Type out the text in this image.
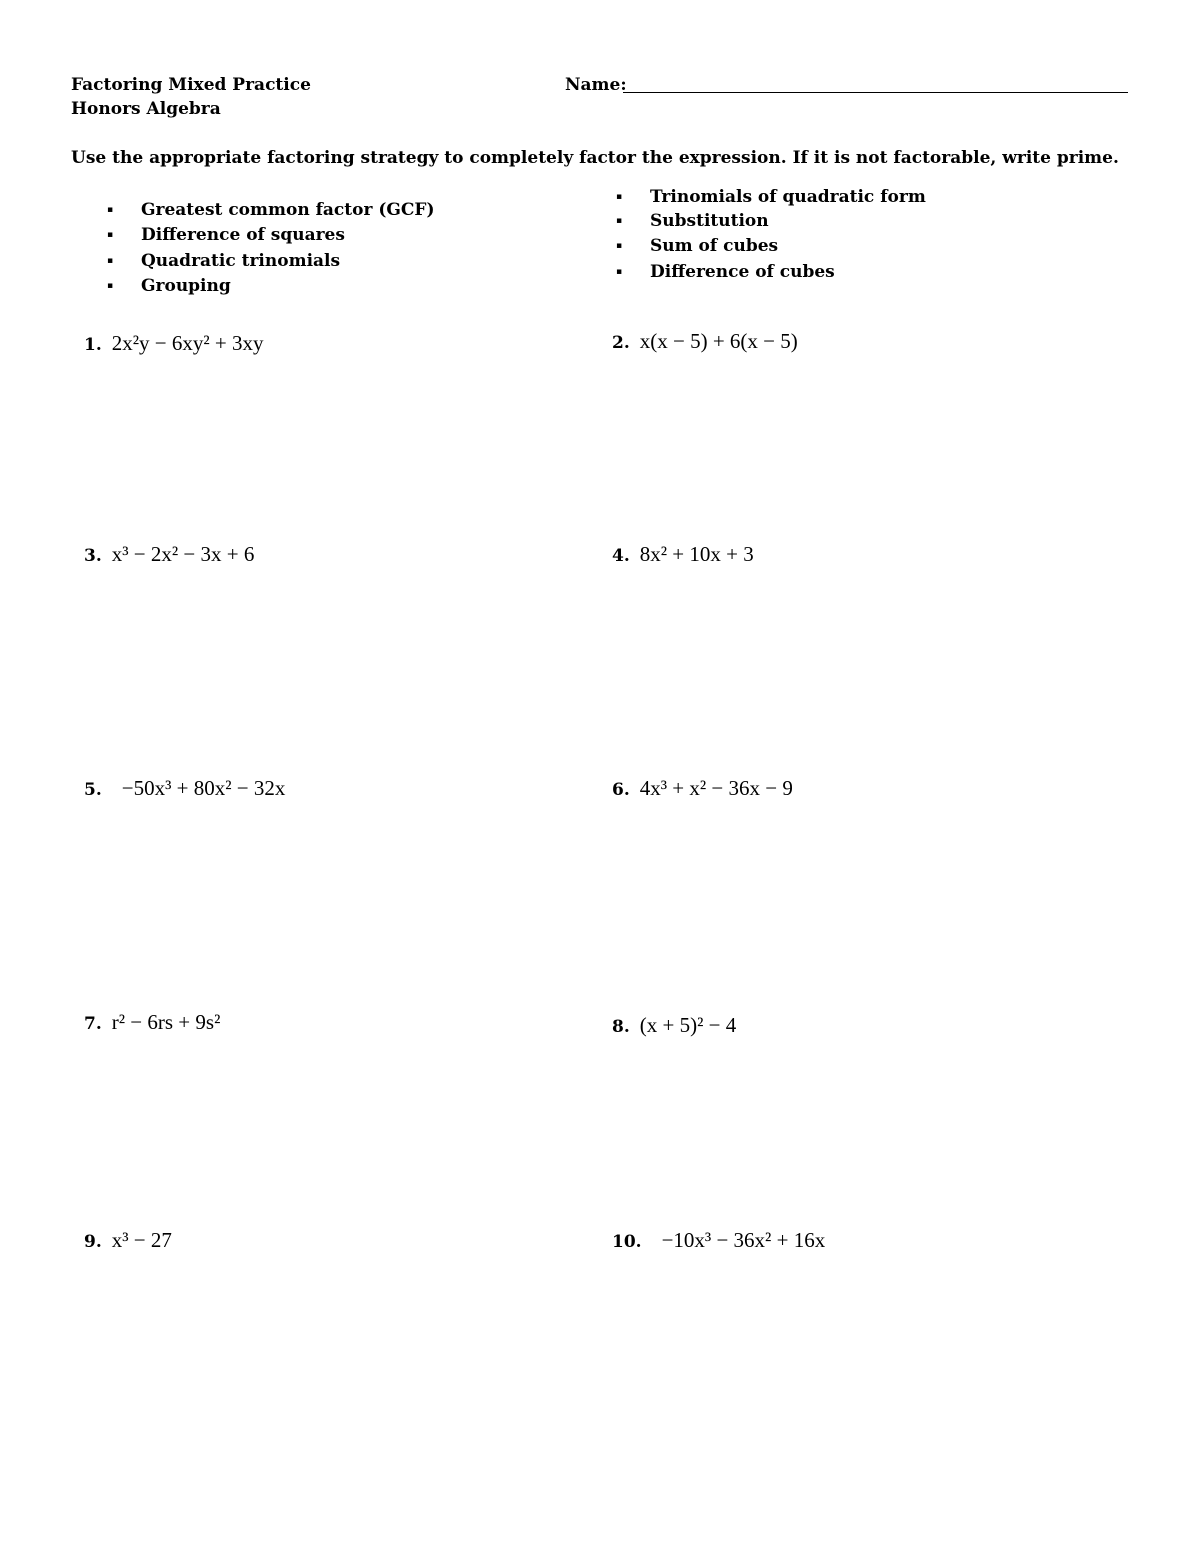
Factoring Mixed Practice
Honors Algebra
Name:
Use the appropriate factoring strategy to completely factor the expression. If it is not factorable, write prime.
▪ Greatest common factor (GCF)
▪ Difference of squares
▪ Quadratic trinomials
▪ Grouping
▪ Trinomials of quadratic form
▪ Substitution
▪ Sum of cubes
▪ Difference of cubes
1. 2x²y − 6xy² + 3xy	2. x(x − 5) + 6(x − 5)
3. x³ − 2x² − 3x + 6	4. 8x² + 10x + 3
5. −50x³ + 80x² − 32x	6. 4x³ + x² − 36x − 9
7. r² − 6rs + 9s²	8. (x + 5)² − 4
9. x³ − 27	10. −10x³ − 36x² + 16x
